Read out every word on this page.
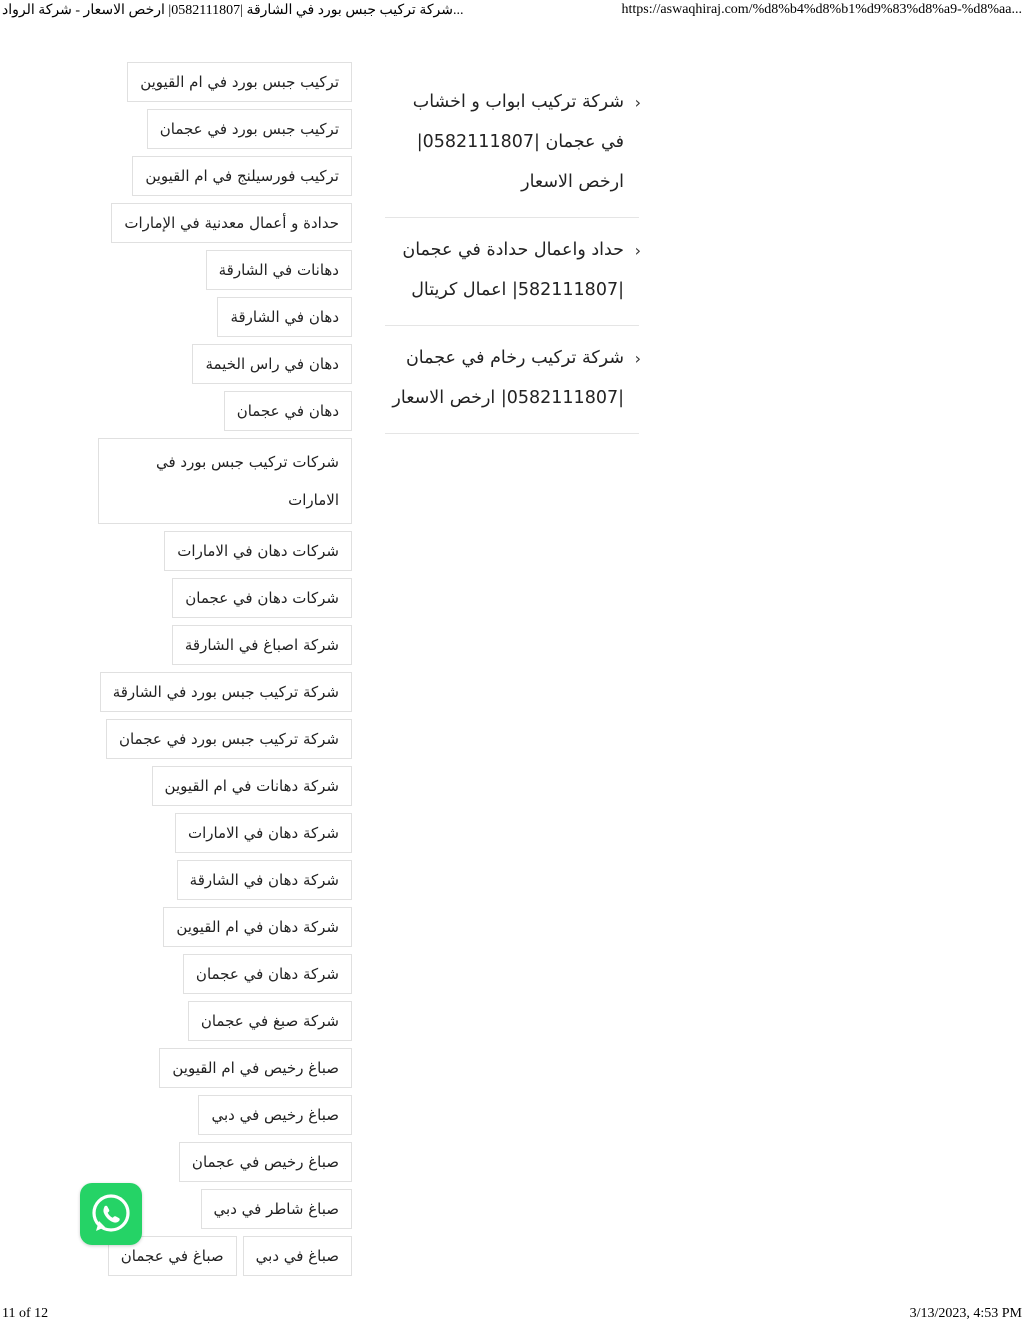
شركة تركيب جبس بورد في الشارقة |0582111807| ارخص الاسعار - شركة الرواد...	https://aswaqhiraj.com/%d8%b4%d8%b1%d9%83%d8%a9-%d8%aa...
‹
شركة تركيب ابواب و اخشاب في عجمان |0582111807| ارخص الاسعار
‹
حداد واعمال حدادة في عجمان |582111807| اعمال كريتال
‹
شركة تركيب رخام في عجمان |0582111807| ارخص الاسعار
تركيب جبس بورد في ام القيوين
تركيب جبس بورد في عجمان
تركيب فورسيلنج في ام القيوين
حدادة و أعمال معدنية في الإمارات
دهانات في الشارقة
دهان في الشارقة
دهان في راس الخيمة
دهان في عجمان
شركات تركيب جبس بورد في الامارات
شركات دهان في الامارات
شركات دهان في عجمان
شركة اصباغ في الشارقة
شركة تركيب جبس بورد في الشارقة
شركة تركيب جبس بورد في عجمان
شركة دهانات في ام القيوين
شركة دهان في الامارات
شركة دهان في الشارقة
شركة دهان في ام القيوين
شركة دهان في عجمان
شركة صبغ في عجمان
صباغ رخيص في ام القيوين
صباغ رخيص في دبي
صباغ رخيص في عجمان
صباغ شاطر في دبي
صباغ في دبي
صباغ في عجمان
11 of 12	3/13/2023, 4:53 PM
